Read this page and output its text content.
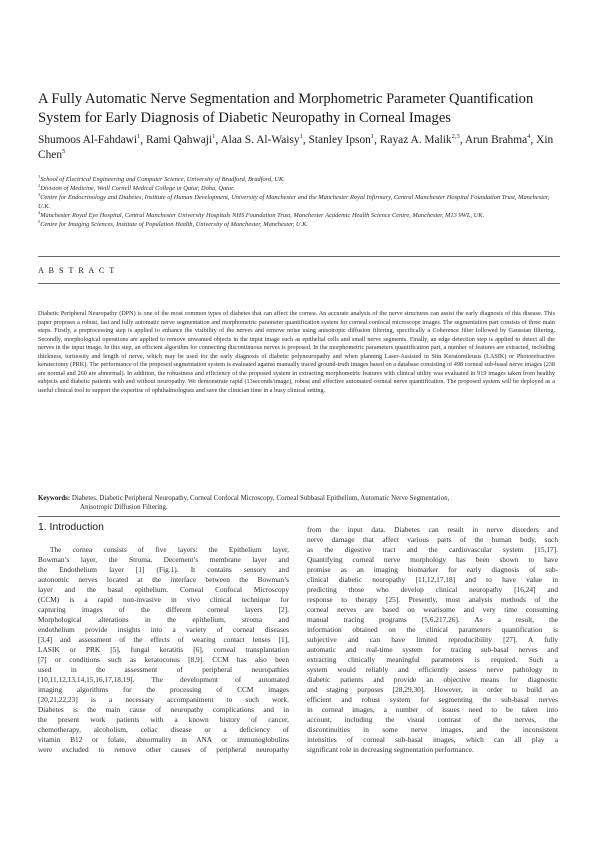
A Fully Automatic Nerve Segmentation and Morphometric Parameter Quantification
System for Early Diagnosis of Diabetic Neuropathy in Corneal Images
Shumoos Al-Fahdawi$^1$, Rami Qahwaji$^1$, Alaa S. Al-Waisy$^1$, Stanley Ipson$^1$, Rayaz A. Malik$^{2,3}$, Arun Brahma$^4$, Xin Chen$^5$
$^1$School of Electrical Engineering and Computer Science, University of Bradford, Bradford, UK.
$^2$Division of Medicine, Weill Cornell Medical College in Qatar, Doha, Qatar.
$^3$Centre for Endocrinology and Diabetes, Institute of Human Development, University of Manchester and the Manchester Royal Infirmary, Central Manchester Hospital Foundation Trust, Manchester, U.K.
$^4$Manchester Royal Eye Hospital, Central Manchester University Hospitals NHS Foundation Trust, Manchester Academic Health Science Centre, Manchester, M13 9WL, UK.
$^5$Centre for Imaging Sciences, Institute of Population Health, University of Manchester, Manchester, U.K.
A B S T R A C T
Diabetic Peripheral Neuropathy (DPN) is one of the most common types of diabetes that can affect the cornea. An accurate analysis of the nerve structures can assist the early diagnosis of this disease. This paper proposes a robust, fast and fully automatic nerve segmentation and morphometric parameter quantification system for corneal confocal microscope images. The segmentation part consists of three main steps. Firstly, a preprocessing step is applied to enhance the visibility of the nerves and remove noise using anisotropic diffusion filtering, specifically a Coherence filter followed by Gaussian filtering. Secondly, morphological operations are applied to remove unwanted objects in the input image such as epithelial cells and small nerve segments. Finally, an edge detection step is applied to detect all the nerves in the input image. In this step, an efficient algorithm for connecting discontinuous nerves is proposed. In the morphometric parameters quantification part, a number of features are extracted, including thickness, tortuosity and length of nerve, which may be used for the early diagnosis of diabetic polyneuropathy and when planning Laser-Assisted in Situ Keratomileusis (LASIK) or Photorefractive keratectomy (PRK). The performance of the proposed segmentation system is evaluated against manually traced ground-truth images based on a database consisting of 498 corneal sub-basal nerve images (238 are normal and 260 are abnormal). In addition, the robustness and efficiency of the proposed system in extracting morphometric features with clinical utility was evaluated in 919 images taken from healthy subjects and diabetic patients with and without neuropathy. We demonstrate rapid (13seconds/image), robust and effective automated corneal nerve quantification. The proposed system will be deployed as a useful clinical tool to support the expertise of ophthalmologists and save the clinician time in a busy clinical setting.
Keywords: Diabetes, Diabetic Peripheral Neuropathy, Corneal Confocal Microscopy, Corneal Subbasal Epithelium, Automatic Nerve Segmentation,
Anisotropic Diffusion Filtering.
1. Introduction
The cornea consists of five layers: the Epithelium layer,
Bowman’s layer, the Stroma, Decement’s membrane layer and
the Endothelium layer [1] (Fig.1). It contains sensory and
autonomic nerves located at the interface between the Bowman’s
layer and the basal epithelium. Corneal Confocal Microscopy
(CCM) is a rapid non-invasive in vivo clinical technique for
capturing images of the different corneal layers [2].
Morphological alterations in the epithelium, stroma and
endothelium provide insights into a variety of corneal diseases
[3,4] and assessment of the effects of wearing contact lenses [1],
LASIK or PRK [5], fungal keratitis [6], corneal transplantation
[7] or conditions such as keratoconus [8,9]. CCM has also been
used in the assessment of peripheral neuropathies
[10,11,12,13,14,15,16,17,18,19]. The development of automated
imaging algorithms for the processing of CCM images
[20,21,22,23] is a necessary accompaniment to such work.
Diabetes is the main cause of neuropathy complications and in
the present work patients with a known history of cancer,
chemotherapy, alcoholism, celiac disease or a deficiency of
vitamin B12 or folate, abnormality in ANA or immunoglobulins
were excluded to remove other causes of peripheral neuropathy
from the input data. Diabetes can result in nerve disorders and
nerve damage that affect various parts of the human body, such
as the digestive tract and the cardiovascular system [15,17].
Quantifying corneal nerve morphology has been shown to have
promise as an imaging biomarker for early diagnosis of sub-
clinical diabetic neuropathy [11,12,17,18] and to have value in
predicting those who develop clinical neuropathy [16,24] and
response to therapy [25]. Presently, most analysis methods of the
corneal nerves are based on wearisome and very time consuming
manual tracing programs [5,6,217,26]. As a result, the
information obtained on the clinical parameters quantification is
subjective and can have limited reproducibility [27]. A fully
automatic and real-time system for tracing sub-basal nerves and
extracting clinically meaningful parameters is required. Such a
system would reliably and efficiently assess nerve pathology in
diabetic patients and provide an objective means for diagnostic
and staging purposes [28,29,30]. However, in order to build an
efficient and robust system for segmenting the sub-basal nerves
in corneal images, a number of issues need to be taken into
account, including the visual contrast of the nerves, the
discontinuities in some nerve images, and the inconsistent
intensities of corneal sub-basal images, which can all play a
significant role in decreasing segmentation performance.
